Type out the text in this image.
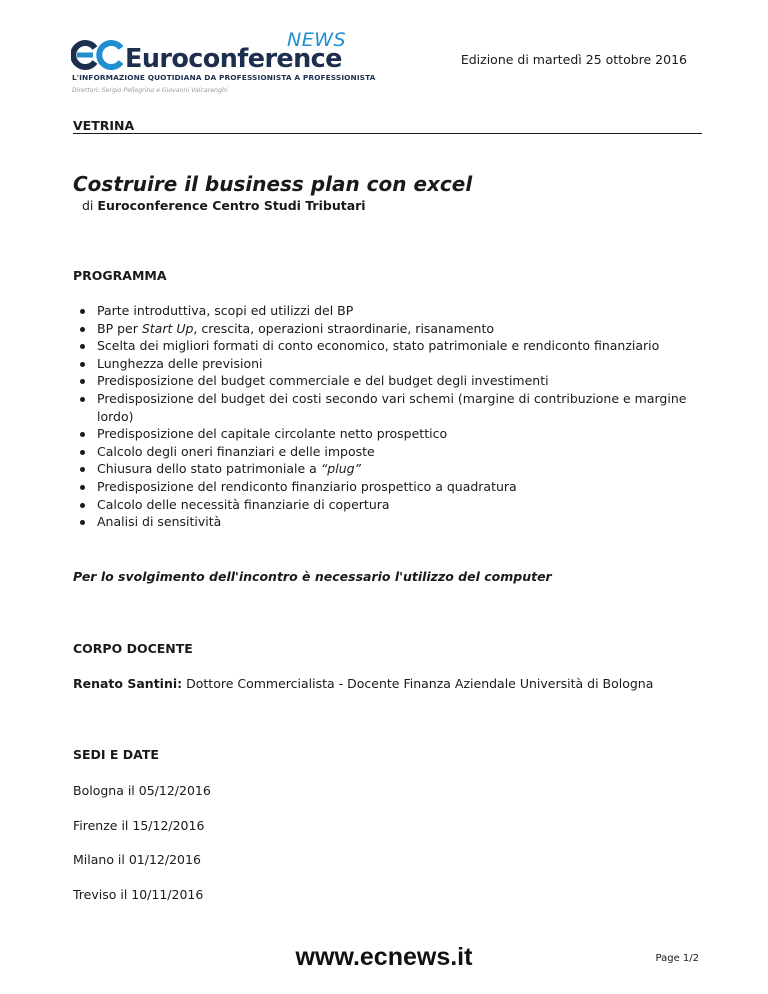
NEWS
Euroconference
L'INFORMAZIONE QUOTIDIANA DA PROFESSIONISTA A PROFESSIONISTA
Direttori: Sergio Pellegrino e Giovanni Valcarenghi
Edizione di martedì 25 ottobre 2016
VETRINA
Costruire il business plan con excel
di Euroconference Centro Studi Tributari
PROGRAMMA
Parte introduttiva, scopi ed utilizzi del BP
BP per Start Up, crescita, operazioni straordinarie, risanamento
Scelta dei migliori formati di conto economico, stato patrimoniale e rendiconto finanziario
Lunghezza delle previsioni
Predisposizione del budget commerciale e del budget degli investimenti
Predisposizione del budget dei costi secondo vari schemi (margine di contribuzione e margine lordo)
Predisposizione del capitale circolante netto prospettico
Calcolo degli oneri finanziari e delle imposte
Chiusura dello stato patrimoniale a “plug”
Predisposizione del rendiconto finanziario prospettico a quadratura
Calcolo delle necessità finanziarie di copertura
Analisi di sensitività
Per lo svolgimento dell'incontro è necessario l'utilizzo del computer
CORPO DOCENTE
Renato Santini: Dottore Commercialista - Docente Finanza Aziendale Università di Bologna
SEDI E DATE
Bologna il 05/12/2016
Firenze il 15/12/2016
Milano il 01/12/2016
Treviso il 10/11/2016
www.ecnews.it	Page 1/2
